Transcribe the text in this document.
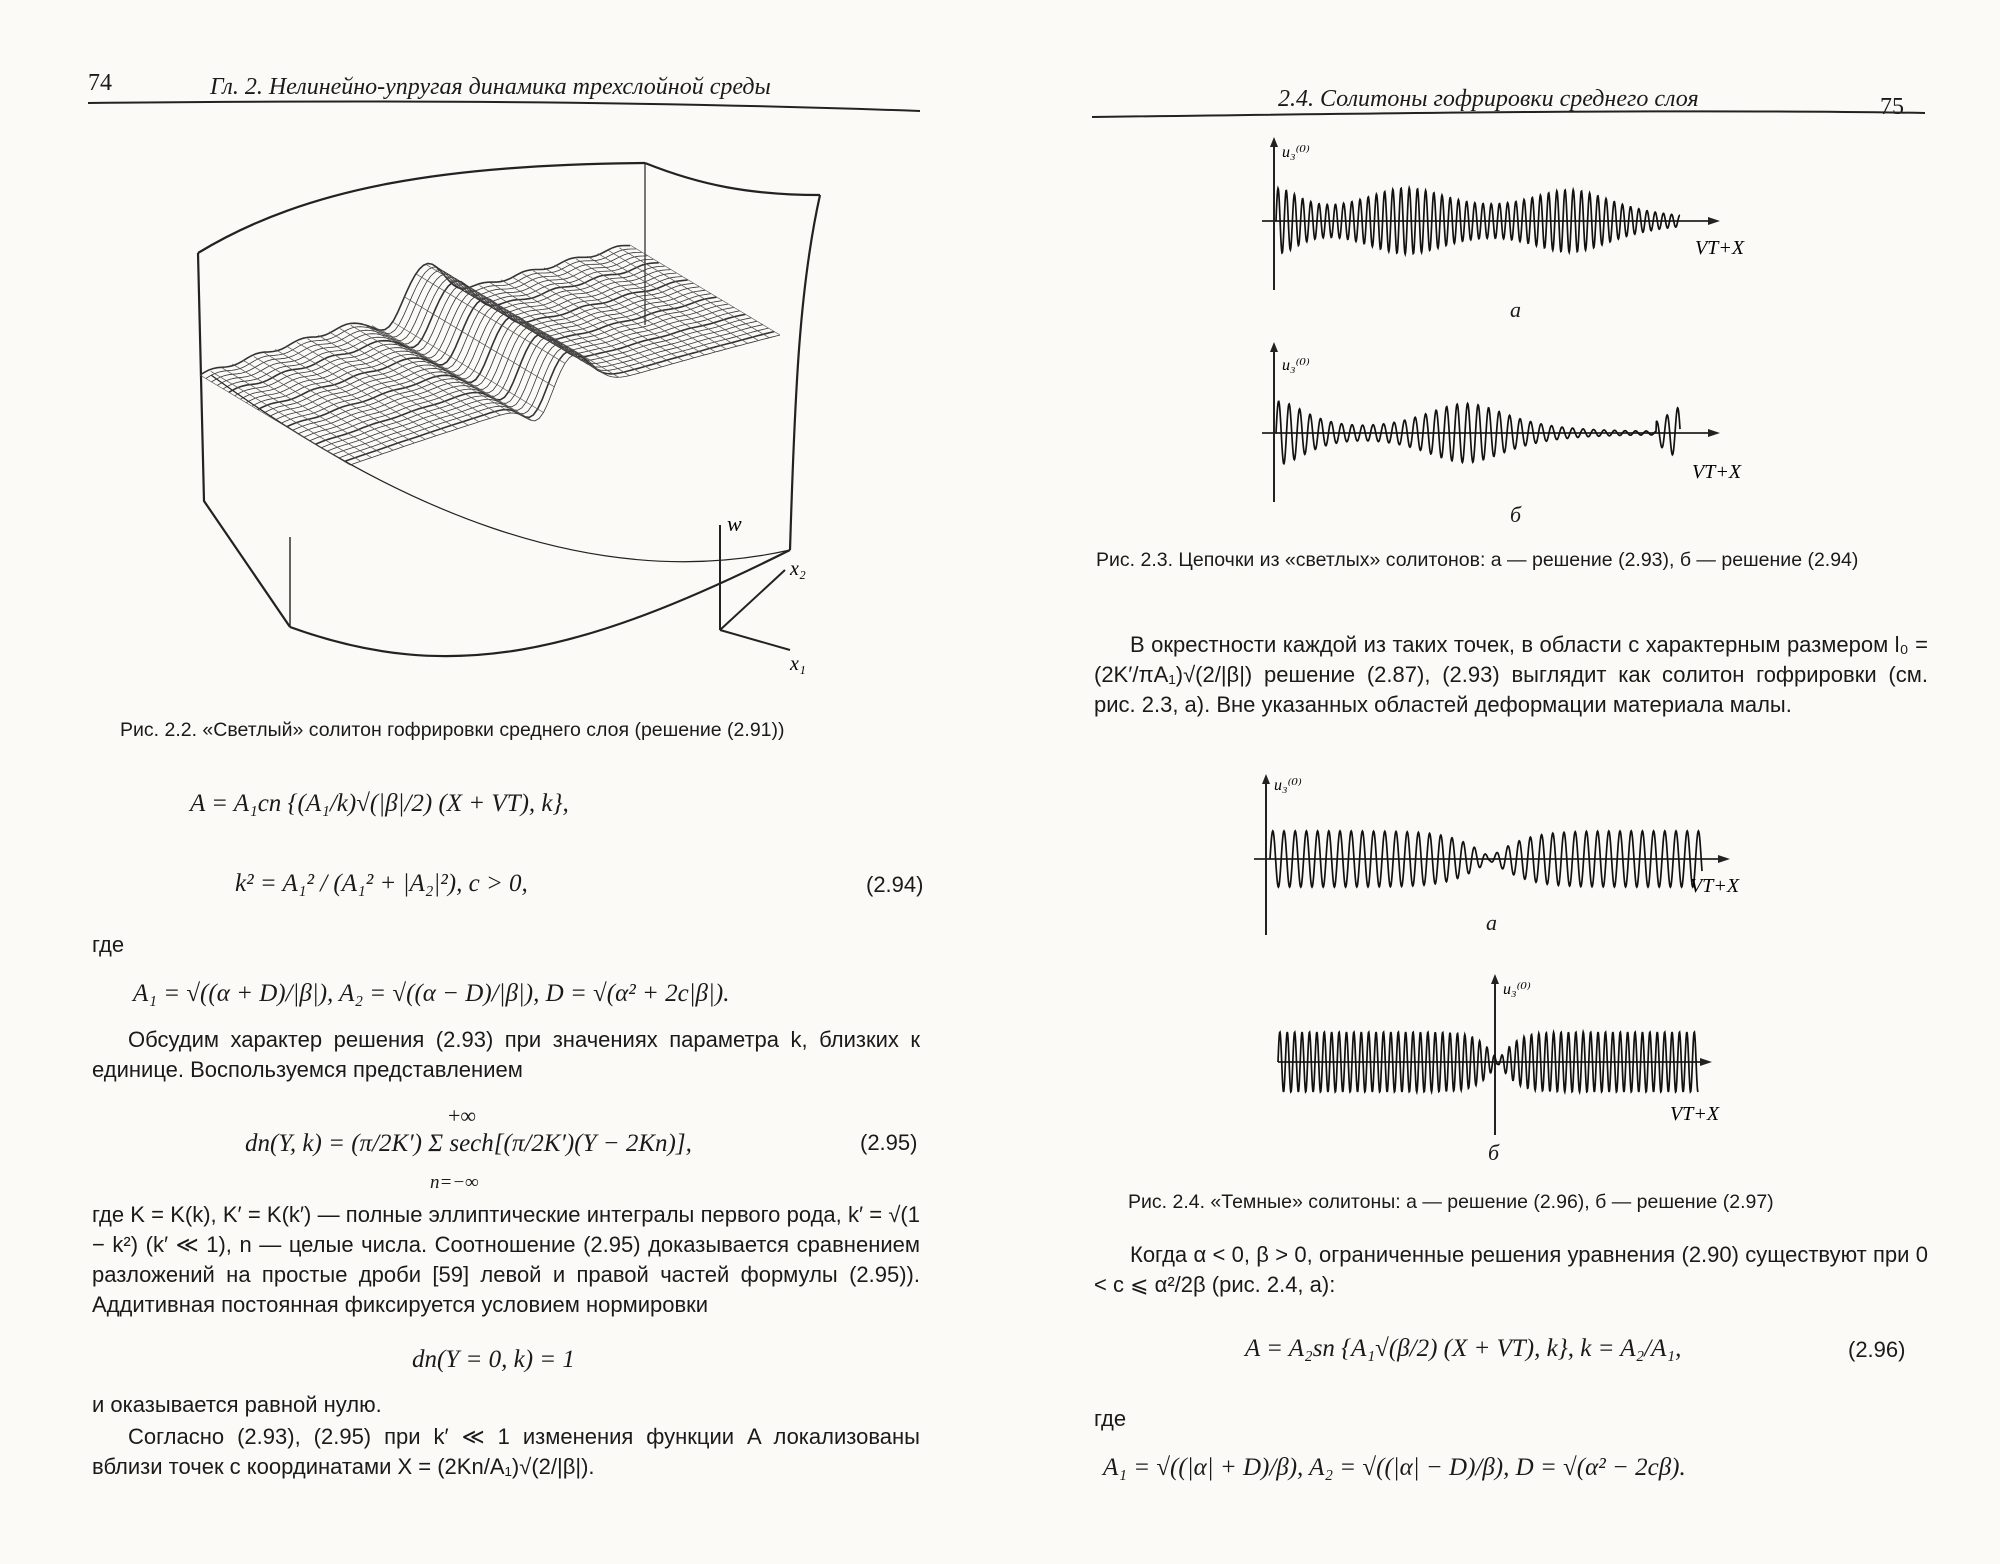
74	Гл. 2. Нелинейно-упругая динамика трехслойной среды
w
x₂
x₁
Рис. 2.2. «Светлый» солитон гофрировки среднего слоя (решение (2.91))
A = A₁cn {(A₁/k)√(|β|/2) (X + VT), k},
k² = A₁² / (A₁² + |A₂|²), c > 0,	(2.94)
где
A₁ = √((α + D)/|β|), A₂ = √((α − D)/|β|), D = √(α² + 2c|β|).
Обсудим характер решения (2.93) при значениях параметра k, близких к единице. Воспользуемся представлением
+∞
dn(Y, k) = (π/2K′) Σ sech[(π/2K′)(Y − 2Kn)],
n=−∞
(2.95)
где K = K(k), K′ = K(k′) — полные эллиптические интегралы первого рода, k′ = √(1 − k²) (k′ ≪ 1), n — целые числа. Соотношение (2.95) доказывается сравнением разложений на простые дроби [59] левой и правой частей формулы (2.95)). Аддитивная постоянная фиксируется условием нормировки
dn(Y = 0, k) = 1
и оказывается равной нулю.
Согласно (2.93), (2.95) при k′ ≪ 1 изменения функции A локализованы вблизи точек с координатами X = (2Kn/A₁)√(2/|β|).
2.4. Солитоны гофрировки среднего слоя	75
u₃⁽⁰⁾
VT+X
а
u₃⁽⁰⁾
VT+X
б
Рис. 2.3. Цепочки из «светлых» солитонов: а — решение (2.93), б — решение (2.94)
В окрестности каждой из таких точек, в области с характерным размером l₀ = (2K′/πA₁)√(2/|β|) решение (2.87), (2.93) выглядит как солитон гофрировки (см. рис. 2.3, а). Вне указанных областей деформации материала малы.
u₃⁽⁰⁾
VT+X
а
u₃⁽⁰⁾
VT+X
б
Рис. 2.4. «Темные» солитоны: а — решение (2.96), б — решение (2.97)
Когда α < 0, β > 0, ограниченные решения уравнения (2.90) существуют при 0 < c ⩽ α²/2β (рис. 2.4, а):
A = A₂sn {A₁√(β/2) (X + VT), k}, k = A₂/A₁,	(2.96)
где
A₁ = √((|α| + D)/β), A₂ = √((|α| − D)/β), D = √(α² − 2cβ).
